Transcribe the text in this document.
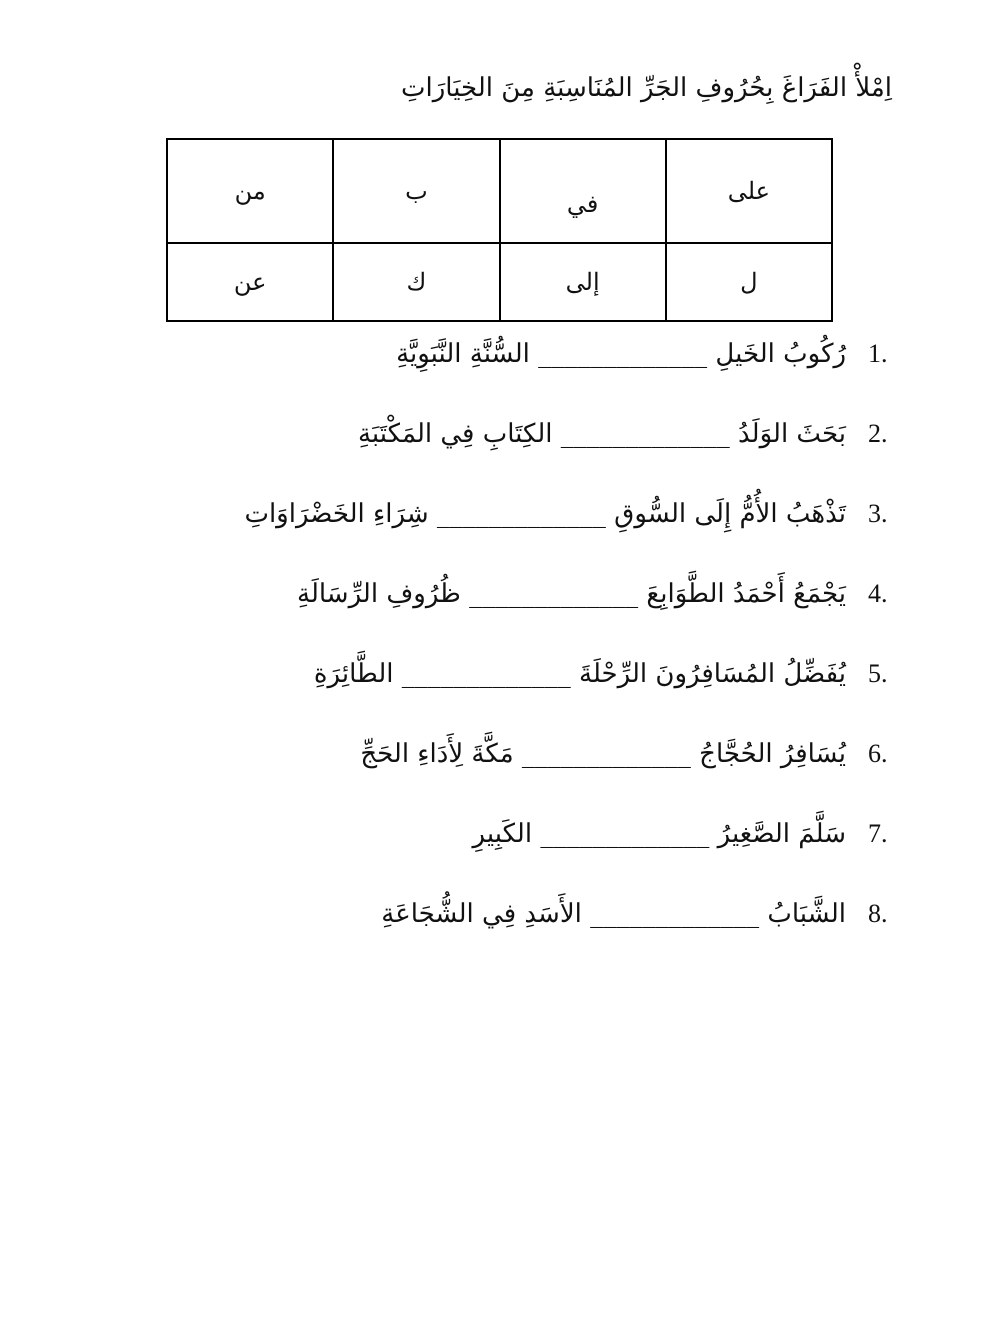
اِمْلأْ الفَرَاغَ بِحُرُوفِ الجَرِّ المُنَاسِبَةِ مِنَ الخِيَارَاتِ
على	في	ب	من
ل	إلى	ك	عن
1.
رُكُوبُ الخَيلِ _____________ السُّنَّةِ النَّبَوِيَّةِ
2.
بَحَثَ الوَلَدُ _____________ الكِتَابِ فِي المَكْتَبَةِ
3.
تَذْهَبُ الأُمُّ إِلَى السُّوقِ _____________ شِرَاءِ الخَضْرَاوَاتِ
4.
يَجْمَعُ أَحْمَدُ الطَّوَابِعَ _____________ ظُرُوفِ الرِّسَالَةِ
5.
يُفَضِّلُ المُسَافِرُونَ الرِّحْلَةَ _____________ الطَّائِرَةِ
6.
يُسَافِرُ الحُجَّاجُ _____________ مَكَّةَ لِأَدَاءِ الحَجِّ
7.
سَلَّمَ الصَّغِيرُ _____________ الكَبِيرِ
8.
الشَّبَابُ _____________ الأَسَدِ فِي الشُّجَاعَةِ
